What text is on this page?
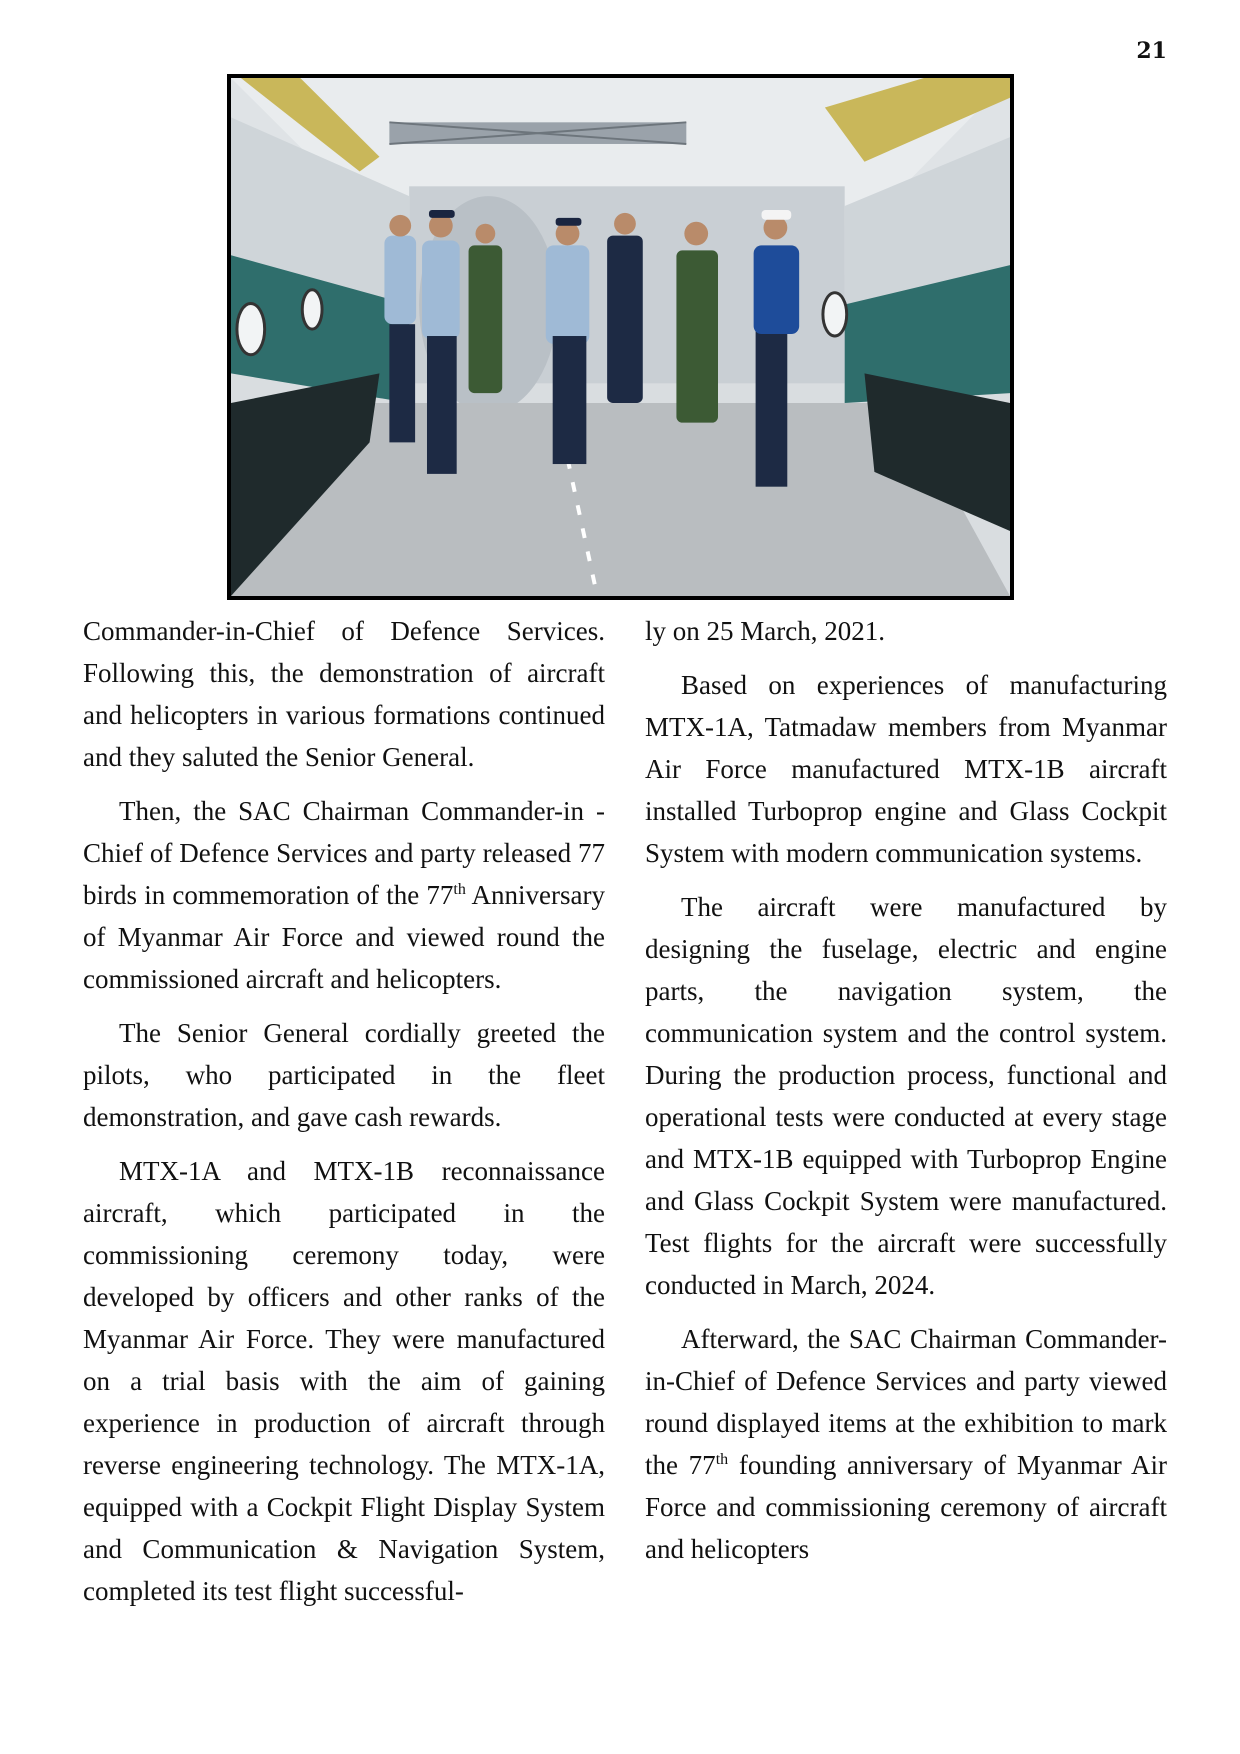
21

Commander-in-Chief of Defence Services. Following this, the demonstration of aircraft and helicopters in various formations continued and they saluted the Senior General.

Then, the SAC Chairman Commander-in -Chief of Defence Services and party released 77 birds in commemoration of the 77th Anniversary of Myanmar Air Force and viewed round the commissioned aircraft and helicopters.

The Senior General cordially greeted the pilots, who participated in the fleet demonstration, and gave cash rewards.

MTX-1A and MTX-1B reconnaissance aircraft, which participated in the commissioning ceremony today, were developed by officers and other ranks of the Myanmar Air Force. They were manufactured on a trial basis with the aim of gaining experience in production of aircraft through reverse engineering technology. The MTX-1A, equipped with a Cockpit Flight Display System and Communication & Navigation System, completed its test flight successful-

ly on 25 March, 2021.

Based on experiences of manufacturing MTX-1A, Tatmadaw members from Myanmar Air Force manufactured MTX-1B aircraft installed Turboprop engine and Glass Cockpit System with modern communication systems.

The aircraft were manufactured by designing the fuselage, electric and engine parts, the navigation system, the communication system and the control system. During the production process, functional and operational tests were conducted at every stage and MTX-1B equipped with Turboprop Engine and Glass Cockpit System were manufactured. Test flights for the aircraft were successfully conducted in March, 2024.

Afterward, the SAC Chairman Commander-in-Chief of Defence Services and party viewed round displayed items at the exhibition to mark the 77th founding anniversary of Myanmar Air Force and commissioning ceremony of aircraft and helicopters
